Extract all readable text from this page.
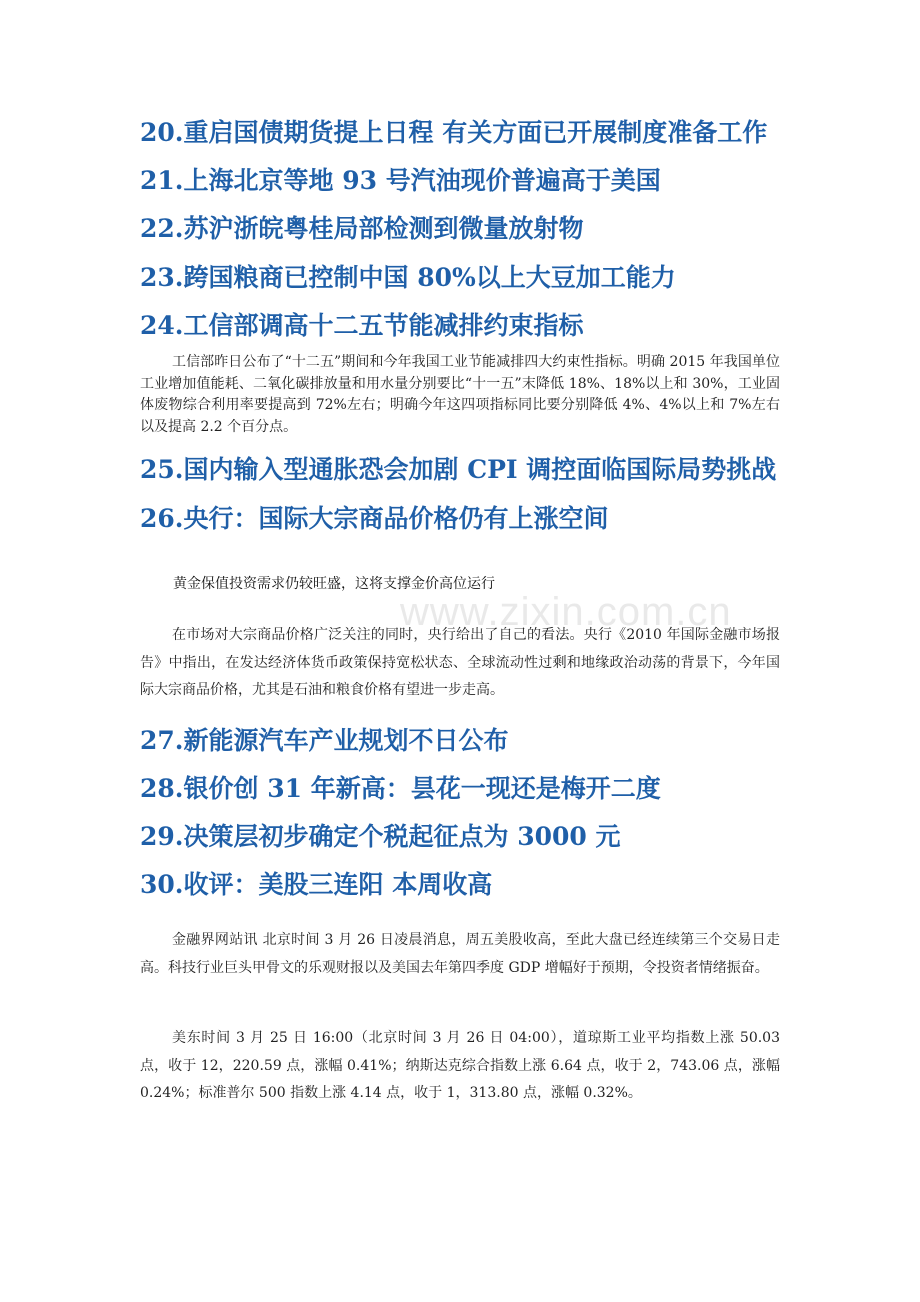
20.重启国债期货提上日程 有关方面已开展制度准备工作
21.上海北京等地 93 号汽油现价普遍高于美国
22.苏沪浙皖粤桂局部检测到微量放射物
23.跨国粮商已控制中国 80%以上大豆加工能力
24.工信部调高十二五节能减排约束指标

工信部昨日公布了“十二五”期间和今年我国工业节能减排四大约束性指标。明确 2015 年我国单位工业增加值能耗、二氧化碳排放量和用水量分别要比“十一五”末降低 18%、18%以上和 30%，工业固体废物综合利用率要提高到 72%左右；明确今年这四项指标同比要分别降低 4%、4%以上和 7%左右以及提高 2.2 个百分点。

25.国内输入型通胀恐会加剧 CPI 调控面临国际局势挑战
26.央行：国际大宗商品价格仍有上涨空间
www.zixin.com.cn

黄金保值投资需求仍较旺盛，这将支撑金价高位运行

在市场对大宗商品价格广泛关注的同时，央行给出了自己的看法。央行《2010 年国际金融市场报告》中指出，在发达经济体货币政策保持宽松状态、全球流动性过剩和地缘政治动荡的背景下，今年国际大宗商品价格，尤其是石油和粮食价格有望进一步走高。

27.新能源汽车产业规划不日公布
28.银价创 31 年新高：昙花一现还是梅开二度
29.决策层初步确定个税起征点为 3000 元
30.收评：美股三连阳 本周收高

金融界网站讯 北京时间 3 月 26 日凌晨消息，周五美股收高，至此大盘已经连续第三个交易日走高。科技行业巨头甲骨文的乐观财报以及美国去年第四季度 GDP 增幅好于预期，令投资者情绪振奋。

美东时间 3 月 25 日 16:00（北京时间 3 月 26 日 04:00），道琼斯工业平均指数上涨 50.03 点，收于 12，220.59 点，涨幅 0.41%；纳斯达克综合指数上涨 6.64 点，收于 2，743.06 点，涨幅 0.24%；标准普尔 500 指数上涨 4.14 点，收于 1，313.80 点，涨幅 0.32%。
